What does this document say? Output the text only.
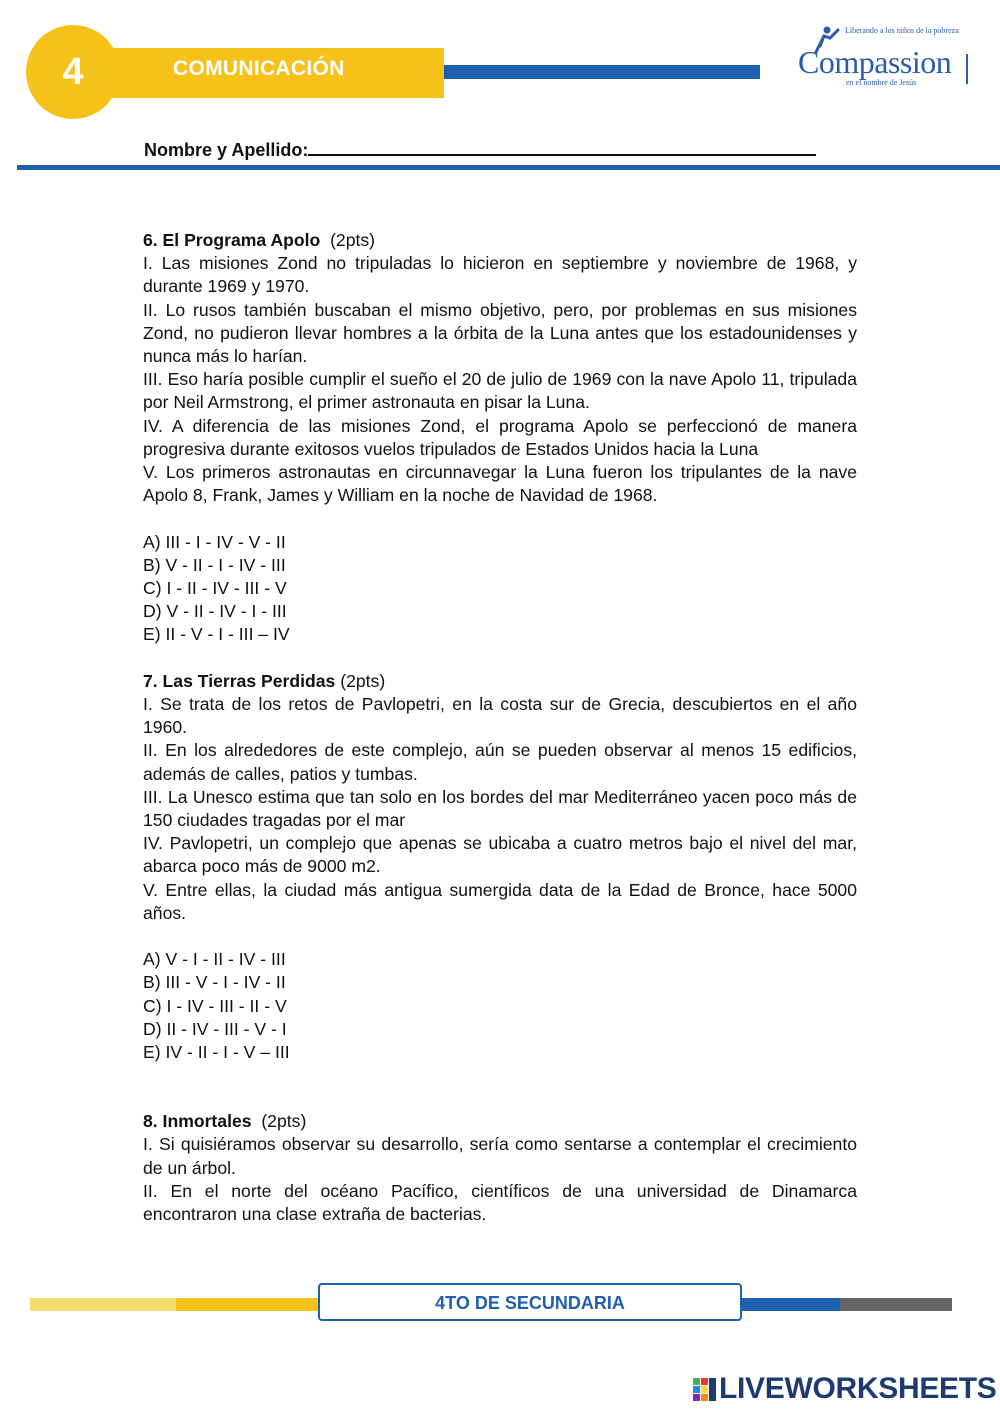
4	COMUNICACIÓN
Liberando a los niños de la pobreza
Compassion
en el nombre de Jesús
Nombre y Apellido:

6. El Programa Apolo (2pts)

I. Las misiones Zond no tripuladas lo hicieron en septiembre y noviembre de 1968, y durante 1969 y 1970.

II. Lo rusos también buscaban el mismo objetivo, pero, por problemas en sus misiones Zond, no pudieron llevar hombres a la órbita de la Luna antes que los estadounidenses y nunca más lo harían.

III. Eso haría posible cumplir el sueño el 20 de julio de 1969 con la nave Apolo 11, tripulada por Neil Armstrong, el primer astronauta en pisar la Luna.

IV. A diferencia de las misiones Zond, el programa Apolo se perfeccionó de manera progresiva durante exitosos vuelos tripulados de Estados Unidos hacia la Luna

V. Los primeros astronautas en circunnavegar la Luna fueron los tripulantes de la nave Apolo 8, Frank, James y William en la noche de Navidad de 1968.

A) III - I - IV - V - II

B) V - II - I - IV - III

C) I - II - IV - III - V

D) V - II - IV - I - III

E) II - V - I - III – IV

7. Las Tierras Perdidas (2pts)

I. Se trata de los retos de Pavlopetri, en la costa sur de Grecia, descubiertos en el año 1960.

II. En los alrededores de este complejo, aún se pueden observar al menos 15 edificios, además de calles, patios y tumbas.

III. La Unesco estima que tan solo en los bordes del mar Mediterráneo yacen poco más de 150 ciudades tragadas por el mar

IV. Pavlopetri, un complejo que apenas se ubicaba a cuatro metros bajo el nivel del mar, abarca poco más de 9000 m2.

V. Entre ellas, la ciudad más antigua sumergida data de la Edad de Bronce, hace 5000 años.

A) V - I - II - IV - III

B) III - V - I - IV - II

C) I - IV - III - II - V

D) II - IV - III - V - I

E) IV - II - I - V – III

8. Inmortales (2pts)

I. Si quisiéramos observar su desarrollo, sería como sentarse a contemplar el crecimiento de un árbol.

II. En el norte del océano Pacífico, científicos de una universidad de Dinamarca encontraron una clase extraña de bacterias.

4TO DE SECUNDARIA
LIVEWORKSHEETS
